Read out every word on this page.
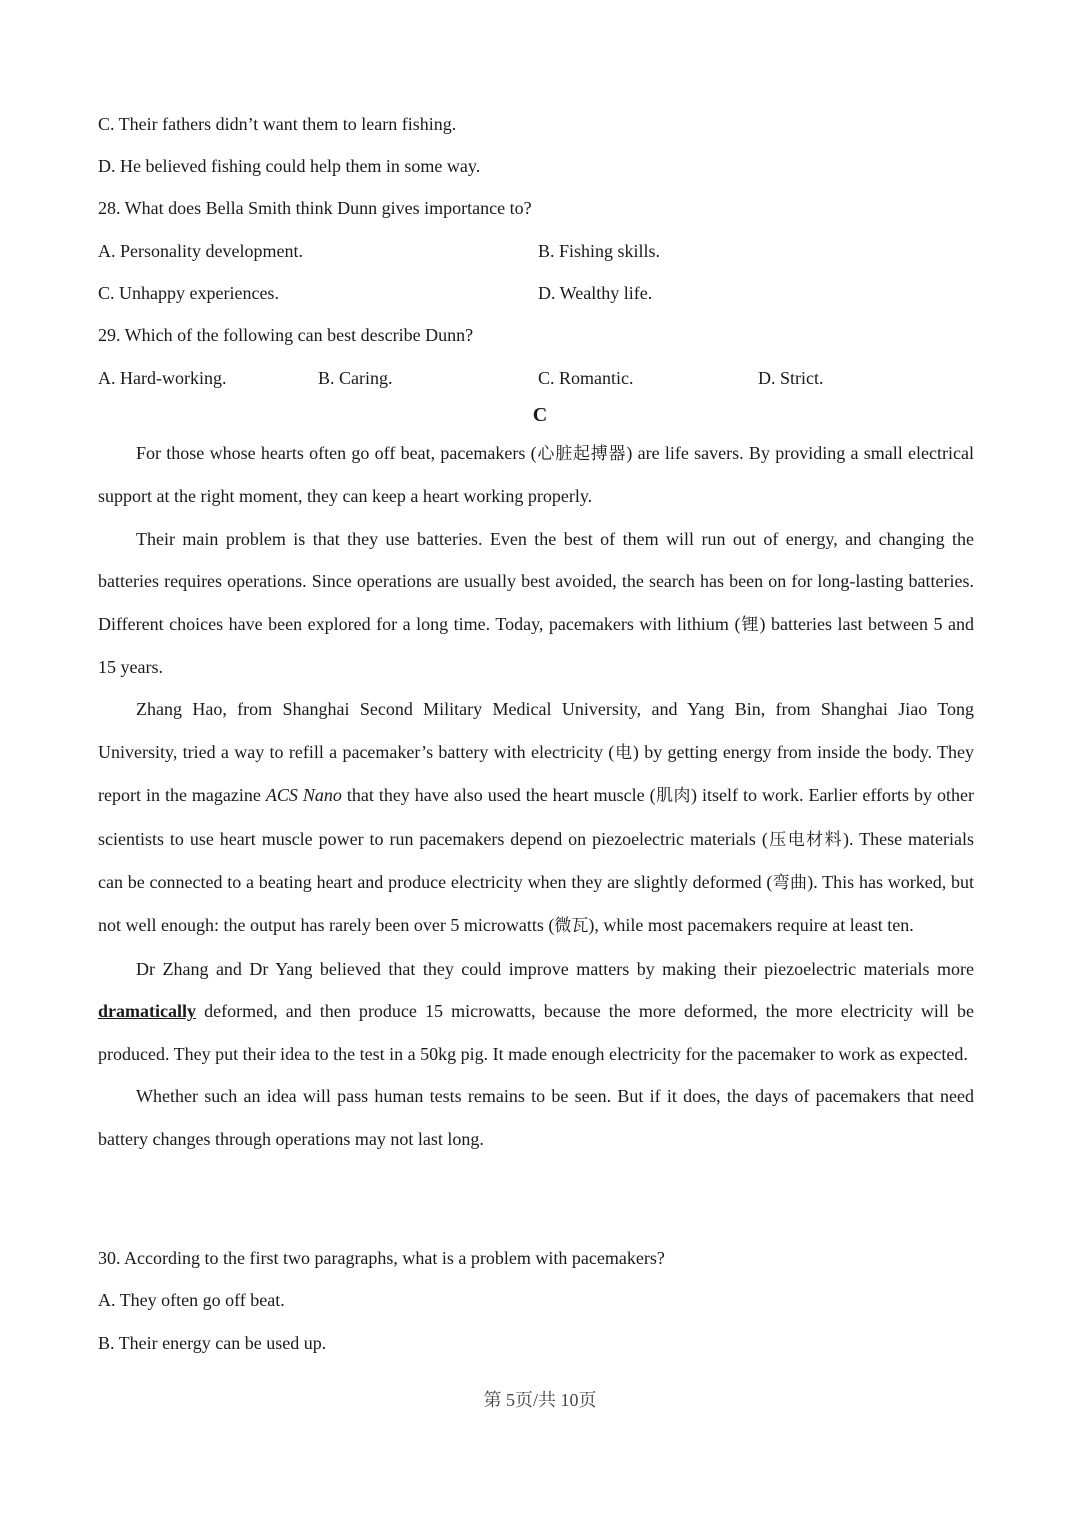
C. Their fathers didn’t want them to learn fishing.
D. He believed fishing could help them in some way.
28. What does Bella Smith think Dunn gives importance to?
A. Personality development.	B. Fishing skills.
C. Unhappy experiences.	D. Wealthy life.
29. Which of the following can best describe Dunn?
A. Hard-working.	B. Caring.	C. Romantic.	D. Strict.
C

For those whose hearts often go off beat, pacemakers (心脏起搏器) are life savers. By providing a small electrical support at the right moment, they can keep a heart working properly.

Their main problem is that they use batteries. Even the best of them will run out of energy, and changing the batteries requires operations. Since operations are usually best avoided, the search has been on for long-lasting batteries. Different choices have been explored for a long time. Today, pacemakers with lithium (锂) batteries last between 5 and 15 years.

Zhang Hao, from Shanghai Second Military Medical University, and Yang Bin, from Shanghai Jiao Tong University, tried a way to refill a pacemaker’s battery with electricity (电) by getting energy from inside the body. They report in the magazine ACS Nano that they have also used the heart muscle (肌肉) itself to work. Earlier efforts by other scientists to use heart muscle power to run pacemakers depend on piezoelectric materials (压电材料). These materials can be connected to a beating heart and produce electricity when they are slightly deformed (弯曲). This has worked, but not well enough: the output has rarely been over 5 microwatts (微瓦), while most pacemakers require at least ten.

Dr Zhang and Dr Yang believed that they could improve matters by making their piezoelectric materials more dramatically deformed, and then produce 15 microwatts, because the more deformed, the more electricity will be produced. They put their idea to the test in a 50kg pig. It made enough electricity for the pacemaker to work as expected.

Whether such an idea will pass human tests remains to be seen. But if it does, the days of pacemakers that need battery changes through operations may not last long.

30. According to the first two paragraphs, what is a problem with pacemakers?
A. They often go off beat.
B. Their energy can be used up.
第 5页/共 10页
